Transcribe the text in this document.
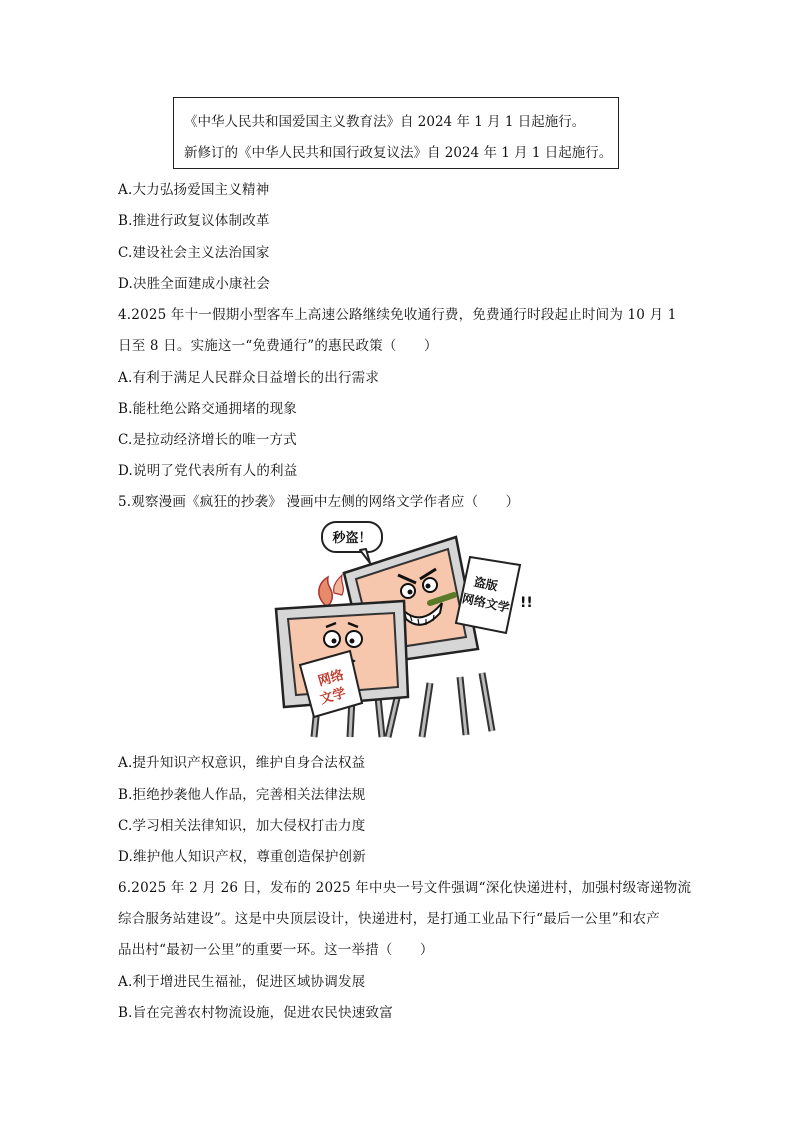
《中华人民共和国爱国主义教育法》自 2024 年 1 月 1 日起施行。
新修订的《中华人民共和国行政复议法》自 2024 年 1 月 1 日起施行。
A.大力弘扬爱国主义精神
B.推进行政复议体制改革
C.建设社会主义法治国家
D.决胜全面建成小康社会
4.2025 年十一假期小型客车上高速公路继续免收通行费，免费通行时段起止时间为 10 月 1
日至 8 日。实施这一“免费通行”的惠民政策（　　）
A.有利于满足人民群众日益增长的出行需求
B.能杜绝公路交通拥堵的现象
C.是拉动经济增长的唯一方式
D.说明了党代表所有人的利益
5.观察漫画《疯狂的抄袭》 漫画中左侧的网络文学作者应（　　）
秒盗！
盗版
网络文学 !!
网络
文学
A.提升知识产权意识，维护自身合法权益
B.拒绝抄袭他人作品，完善相关法律法规
C.学习相关法律知识，加大侵权打击力度
D.维护他人知识产权，尊重创造保护创新
6.2025 年 2 月 26 日，发布的 2025 年中央一号文件强调“深化快递进村，加强村级寄递物流
综合服务站建设”。这是中央顶层设计，快递进村，是打通工业品下行“最后一公里”和农产
品出村“最初一公里”的重要一环。这一举措（　　）
A.利于增进民生福祉，促进区域协调发展
B.旨在完善农村物流设施，促进农民快速致富
